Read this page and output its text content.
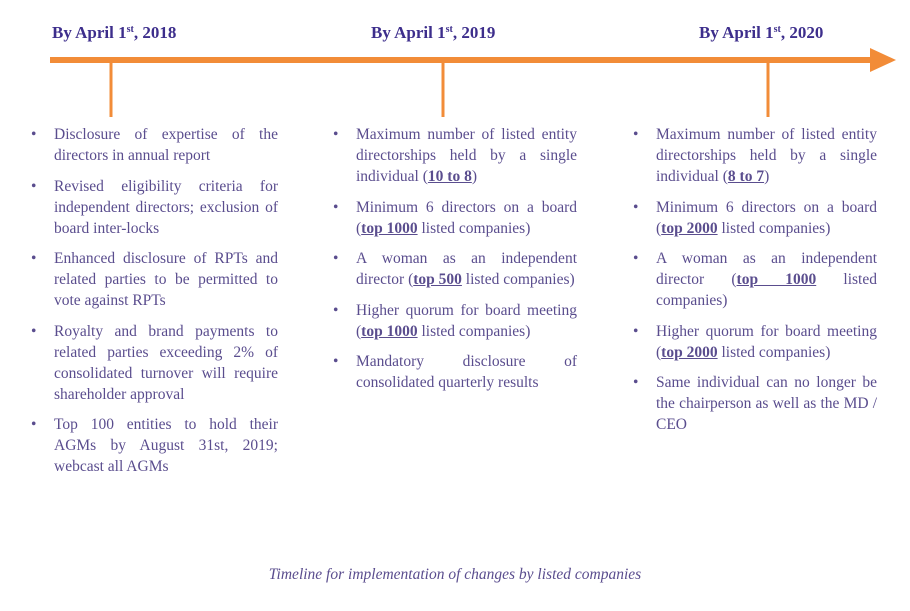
By April 1st, 2018	By April 1st, 2019	By April 1st, 2020
• Disclosure of expertise of the directors in annual report
• Revised eligibility criteria for independent directors; exclusion of board inter-locks
• Enhanced disclosure of RPTs and related parties to be permitted to vote against RPTs
• Royalty and brand payments to related parties exceeding 2% of consolidated turnover will require shareholder approval
• Top 100 entities to hold their AGMs by August 31st, 2019; webcast all AGMs
• Maximum number of listed entity directorships held by a single individual (10 to 8)
• Minimum 6 directors on a board (top 1000 listed companies)
• A woman as an independent director (top 500 listed companies)
• Higher quorum for board meeting (top 1000 listed companies)
• Mandatory disclosure of consolidated quarterly results
• Maximum number of listed entity directorships held by a single individual (8 to 7)
• Minimum 6 directors on a board (top 2000 listed companies)
• A woman as an independent director (top 1000 listed companies)
• Higher quorum for board meeting (top 2000 listed companies)
• Same individual can no longer be the chairperson as well as the MD / CEO
Timeline for implementation of changes by listed companies
